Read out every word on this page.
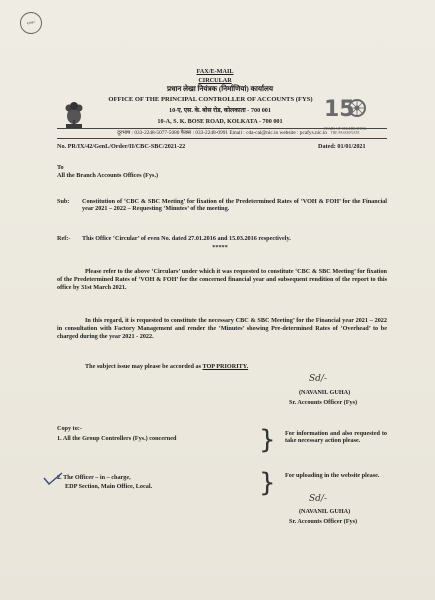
२०४८
15
YEARS OF CELEBRATING THE PASSIONATE
FAX/E-MAIL
CIRCULAR
प्रधान लेखा नियंत्रक (निर्माणियां) कार्यालय
OFFICE OF THE PRINCIPAL CONTROLLER OF ACCOUNTS (FYS)
10-ए, एस. के. बोस रोड, कोलकाता - 700 001
10-A, S. K. BOSE ROAD, KOLKATA - 700 001
दूरभाष : 033-2248-5077-5080 फैक्स : 033-2248-0991 Email : cda-cal@nic.in website : pcafys.nic.in
No. PR/IX/42/GenL/Order/II/CBC-SBC/2021-22	Dated: 01/01/2021
To
All the Branch Accounts Offices (Fys.)
Sub: Constitution of ‘CBC & SBC Meeting’ for fixation of the Predetermined Rates of ‘VOH & FOH’ for the Financial year 2021 – 2022 – Requesting ‘Minutes’ of the meeting.
Ref:- This Office ‘Circular’ of even No. dated 27.01.2016 and 15.03.2016 respectively.
*****
Please refer to the above ‘Circulars’ under which it was requested to constitute ‘CBC & SBC Meeting’ for fixation of the Predetermined Rates of ‘VOH & FOH’ for the concerned financial year and subsequent rendition of the report to this office by 31st March 2021.
In this regard, it is requested to constitute the necessary CBC & SBC Meeting’ for the Financial year 2021 – 2022 in consultation with Factory Management and render the ‘Minutes’ showing Pre-determined Rates of ‘Overhead’ to be charged during the year 2021 - 2022.
The subject issue may please be accorded as TOP PRIORITY.
Sd/-
(NAVANIL GUHA)
Sr. Accounts Officer (Fys)
Copy to:-
1. All the Group Controllers (Fys.) concerned	} For information and also requested to take necessary action please.
2. The Officer – in – charge,
EDP Section, Main Office, Local.	} For uploading in the website please.
Sd/-
(NAVANIL GUHA)
Sr. Accounts Officer (Fys)
